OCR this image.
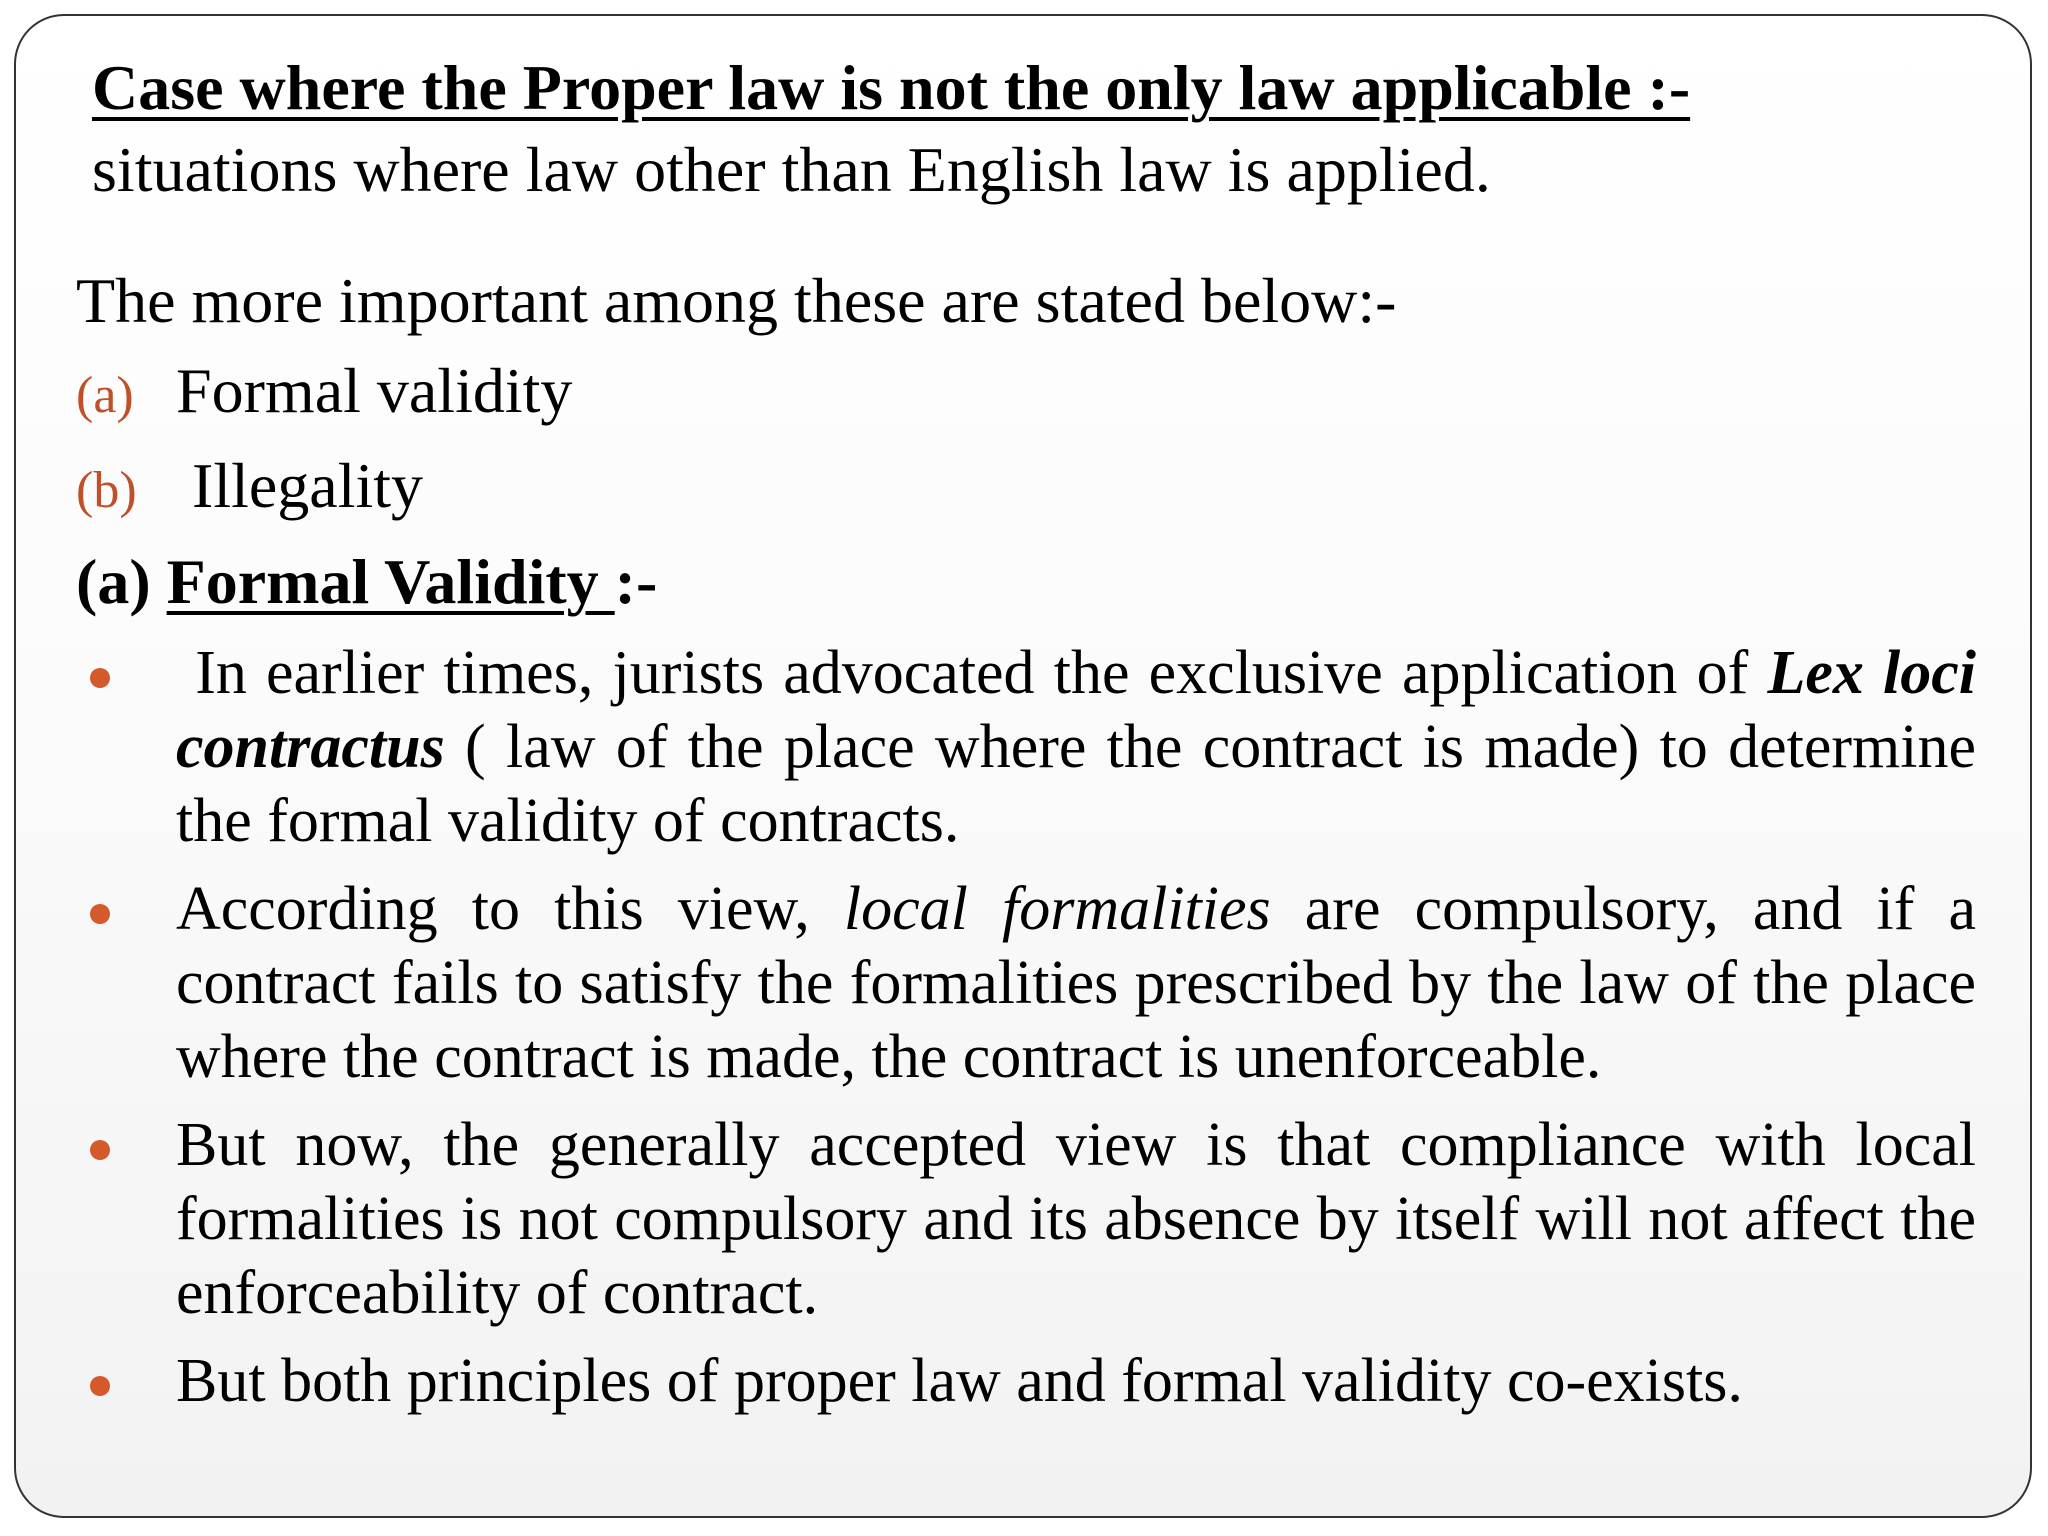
Case where the Proper law is not the only law applicable :-
situations where law other than English law is applied.
The more important among these are stated below:-
(a) Formal validity
(b) Illegality
(a) Formal Validity :-
In earlier times, jurists advocated the exclusive application of Lex loci contractus ( law of the place where the contract is made) to determine the formal validity of contracts.
According to this view, local formalities are compulsory, and if a contract fails to satisfy the formalities prescribed by the law of the place where the contract is made, the contract is unenforceable.
But now, the generally accepted view is that compliance with local formalities is not compulsory and its absence by itself will not affect the enforceability of contract.
But both principles of proper law and formal validity co-exists.
